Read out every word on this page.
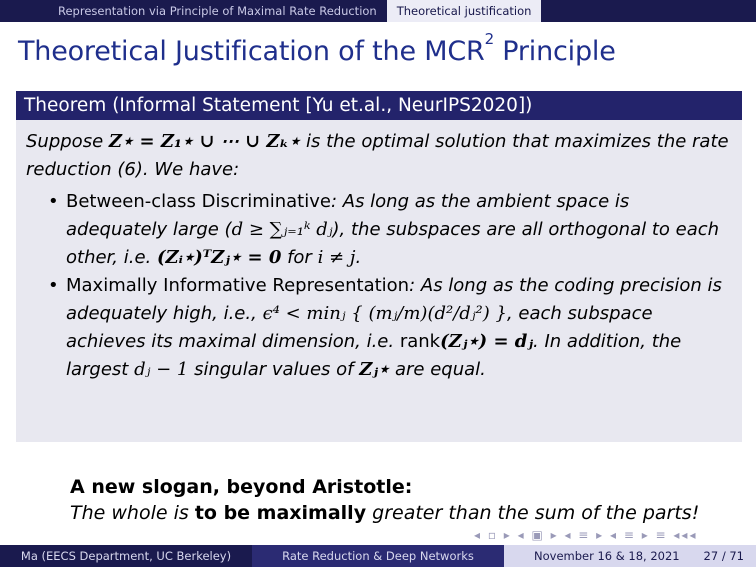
Representation via Principle of Maximal Rate Reduction	Theoretical justification
Theoretical Justification of the MCR$^2$ Principle
Theorem (Informal Statement [Yu et.al., NeurIPS2020])
Suppose Z⋆ = Z₁⋆ ∪ ⋯ ∪ Zₖ⋆ is the optimal solution that maximizes the rate reduction (6). We have:
• Between-class Discriminative: As long as the ambient space is adequately large (d ≥ ∑ⱼ₌₁ᵏ dⱼ), the subspaces are all orthogonal to each other, i.e. (Zᵢ⋆)ᵀZⱼ⋆ = 0 for i ≠ j.
• Maximally Informative Representation: As long as the coding precision is adequately high, i.e., ϵ⁴ < minⱼ { (mⱼ/m)(d²/dⱼ²) }, each subspace achieves its maximal dimension, i.e. rank(Zⱼ⋆) = dⱼ. In addition, the largest dⱼ − 1 singular values of Zⱼ⋆ are equal.
A new slogan, beyond Aristotle:
The whole is to be maximally greater than the sum of the parts!
◂ ▫ ▸ ◂ ▣ ▸ ◂ ≡ ▸ ◂ ≡ ▸ ≡ ◂◂◂
Ma (EECS Department, UC Berkeley)	Rate Reduction & Deep Networks	November 16 & 18, 2021 27 / 71
